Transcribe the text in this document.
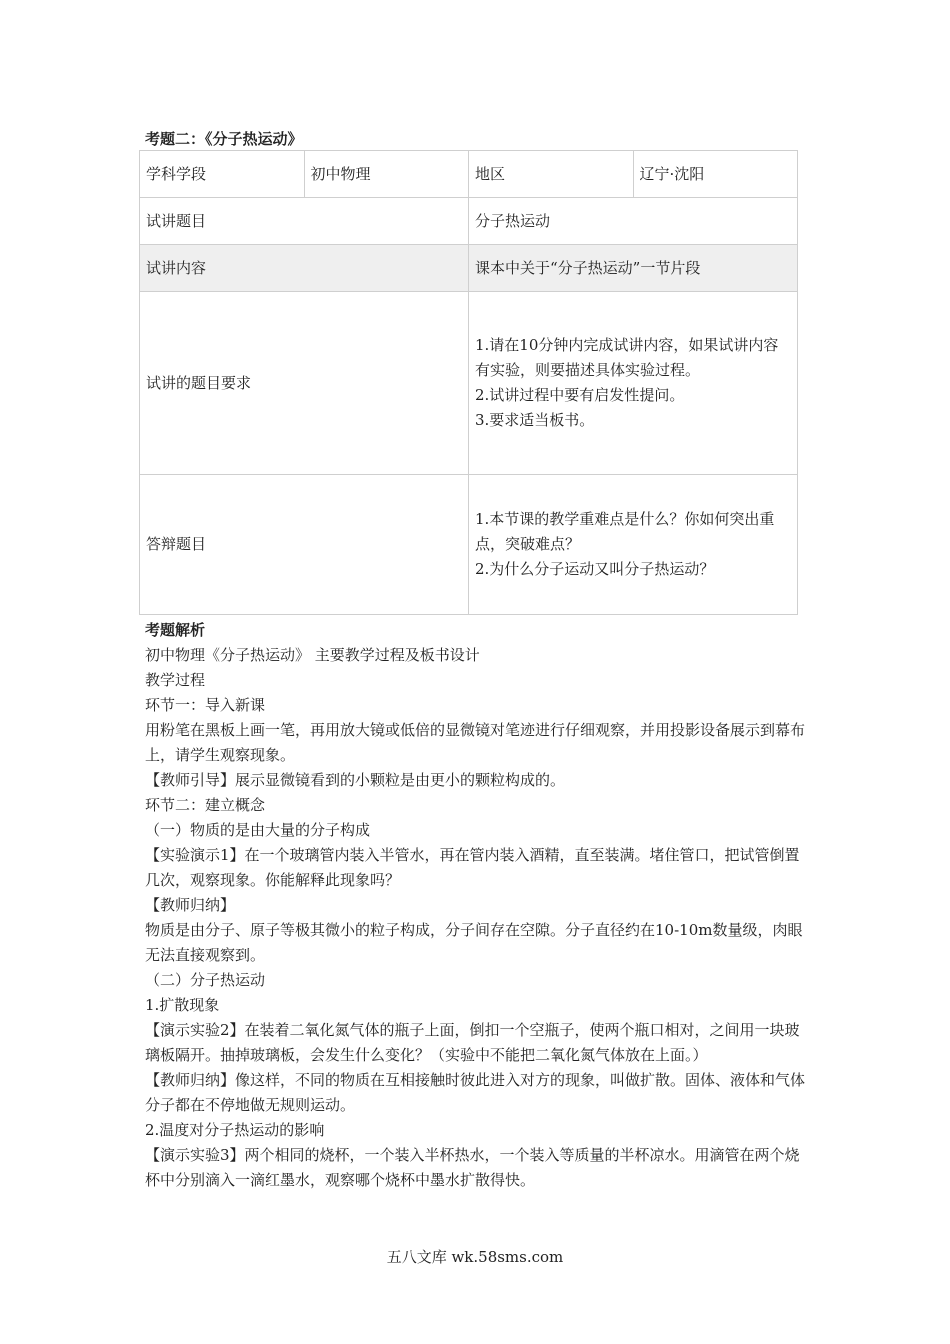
考题二：《分子热运动》
学科学段	初中物理	地区	辽宁·沈阳
试讲题目		分子热运动	
试讲内容		课本中关于“分子热运动”一节片段	
试讲的题目要求		1.请在10分钟内完成试讲内容，如果试讲内容有实验，则要描述具体实验过程。
2.试讲过程中要有启发性提问。
3.要求适当板书。	

答辩题目		1.本节课的教学重难点是什么？你如何突出重点，突破难点？
2.为什么分子运动又叫分子热运动？	

考题解析

初中物理《分子热运动》 主要教学过程及板书设计

教学过程

环节一：导入新课

用粉笔在黑板上画一笔，再用放大镜或低倍的显微镜对笔迹进行仔细观察，并用投影设备展示到幕布上，请学生观察现象。

【教师引导】展示显微镜看到的小颗粒是由更小的颗粒构成的。

环节二：建立概念

（一）物质的是由大量的分子构成

【实验演示1】在一个玻璃管内装入半管水，再在管内装入酒精，直至装满。堵住管口，把试管倒置几次，观察现象。你能解释此现象吗？

【教师归纳】

物质是由分子、原子等极其微小的粒子构成，分子间存在空隙。分子直径约在10-10m数量级，肉眼无法直接观察到。

（二）分子热运动

1.扩散现象

【演示实验2】在装着二氧化氮气体的瓶子上面，倒扣一个空瓶子，使两个瓶口相对，之间用一块玻璃板隔开。抽掉玻璃板，会发生什么变化？（实验中不能把二氧化氮气体放在上面。）

【教师归纳】像这样，不同的物质在互相接触时彼此进入对方的现象，叫做扩散。固体、液体和气体分子都在不停地做无规则运动。

2.温度对分子热运动的影响

【演示实验3】两个相同的烧杯，一个装入半杯热水，一个装入等质量的半杯凉水。用滴管在两个烧杯中分别滴入一滴红墨水，观察哪个烧杯中墨水扩散得快。

五八文库 wk.58sms.com
